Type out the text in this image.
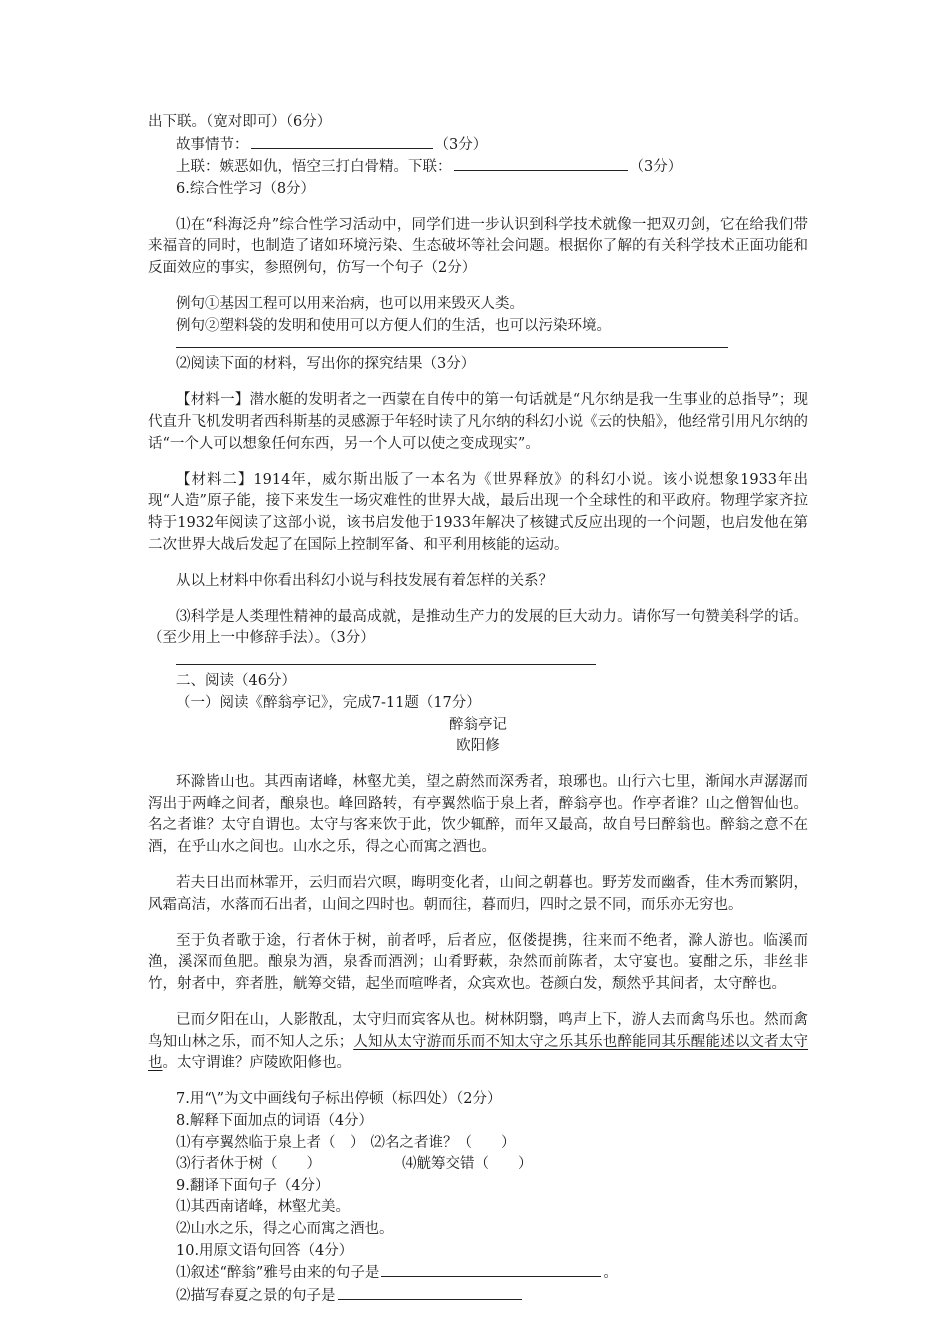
出下联。（宽对即可）（6分）

故事情节：	（3分）

上联：嫉恶如仇，悟空三打白骨精。下联：	（3分）

6.综合性学习（8分）

⑴在“科海泛舟”综合性学习活动中，同学们进一步认识到科学技术就像一把双刃剑，它在给我们带来福音的同时，也制造了诸如环境污染、生态破坏等社会问题。根据你了解的有关科学技术正面功能和反面效应的事实，参照例句，仿写一个句子（2分）

例句①基因工程可以用来治病，也可以用来毁灭人类。

例句②塑料袋的发明和使用可以方便人们的生活，也可以污染环境。

⑵阅读下面的材料，写出你的探究结果（3分）

【材料一】潜水艇的发明者之一西蒙在自传中的第一句话就是“凡尔纳是我一生事业的总指导”；现代直升飞机发明者西科斯基的灵感源于年轻时读了凡尔纳的科幻小说《云的快船》，他经常引用凡尔纳的话“一个人可以想象任何东西，另一个人可以使之变成现实”。

【材料二】1914年，威尔斯出版了一本名为《世界释放》的科幻小说。该小说想象1933年出现“人造”原子能，接下来发生一场灾难性的世界大战，最后出现一个全球性的和平政府。物理学家齐拉特于1932年阅读了这部小说，该书启发他于1933年解决了核键式反应出现的一个问题，也启发他在第二次世界大战后发起了在国际上控制军备、和平利用核能的运动。

从以上材料中你看出科幻小说与科技发展有着怎样的关系？

⑶科学是人类理性精神的最高成就，是推动生产力的发展的巨大动力。请你写一句赞美科学的话。（至少用上一中修辞手法）。（3分）

二、阅读（46分）

（一）阅读《醉翁亭记》，完成7-11题（17分）

醉翁亭记

欧阳修

环滁皆山也。其西南诸峰，林壑尤美，望之蔚然而深秀者，琅琊也。山行六七里，渐闻水声潺潺而泻出于两峰之间者，酿泉也。峰回路转，有亭翼然临于泉上者，醉翁亭也。作亭者谁？山之僧智仙也。名之者谁？太守自谓也。太守与客来饮于此，饮少辄醉，而年又最高，故自号曰醉翁也。醉翁之意不在酒，在乎山水之间也。山水之乐，得之心而寓之酒也。

若夫日出而林霏开，云归而岩穴暝，晦明变化者，山间之朝暮也。野芳发而幽香，佳木秀而繁阴，风霜高洁，水落而石出者，山间之四时也。朝而往，暮而归，四时之景不同，而乐亦无穷也。

至于负者歌于途，行者休于树，前者呼，后者应，伛偻提携，往来而不绝者，滁人游也。临溪而渔，溪深而鱼肥。酿泉为酒，泉香而酒洌；山肴野蔌，杂然而前陈者，太守宴也。宴酣之乐，非丝非竹，射者中，弈者胜，觥筹交错，起坐而喧哗者，众宾欢也。苍颜白发，颓然乎其间者，太守醉也。

已而夕阳在山，人影散乱，太守归而宾客从也。树林阴翳，鸣声上下，游人去而禽鸟乐也。然而禽鸟知山林之乐，而不知人之乐；人知从太守游而乐而不知太守之乐其乐也醉能同其乐醒能述以文者太守也。太守谓谁？庐陵欧阳修也。

7.用“\”为文中画线句子标出停顿（标四处）（2分）

8.解释下面加点的词语（4分）

⑴有亭翼然临于泉上者（　） ⑵名之者谁？（　　）

⑶行者休于树（　　）	⑷觥筹交错（　　）

9.翻译下面句子（4分）

⑴其西南诸峰，林壑尤美。

⑵山水之乐，得之心而寓之酒也。

10.用原文语句回答（4分）

⑴叙述“醉翁”雅号由来的句子是	。

⑵描写春夏之景的句子是
